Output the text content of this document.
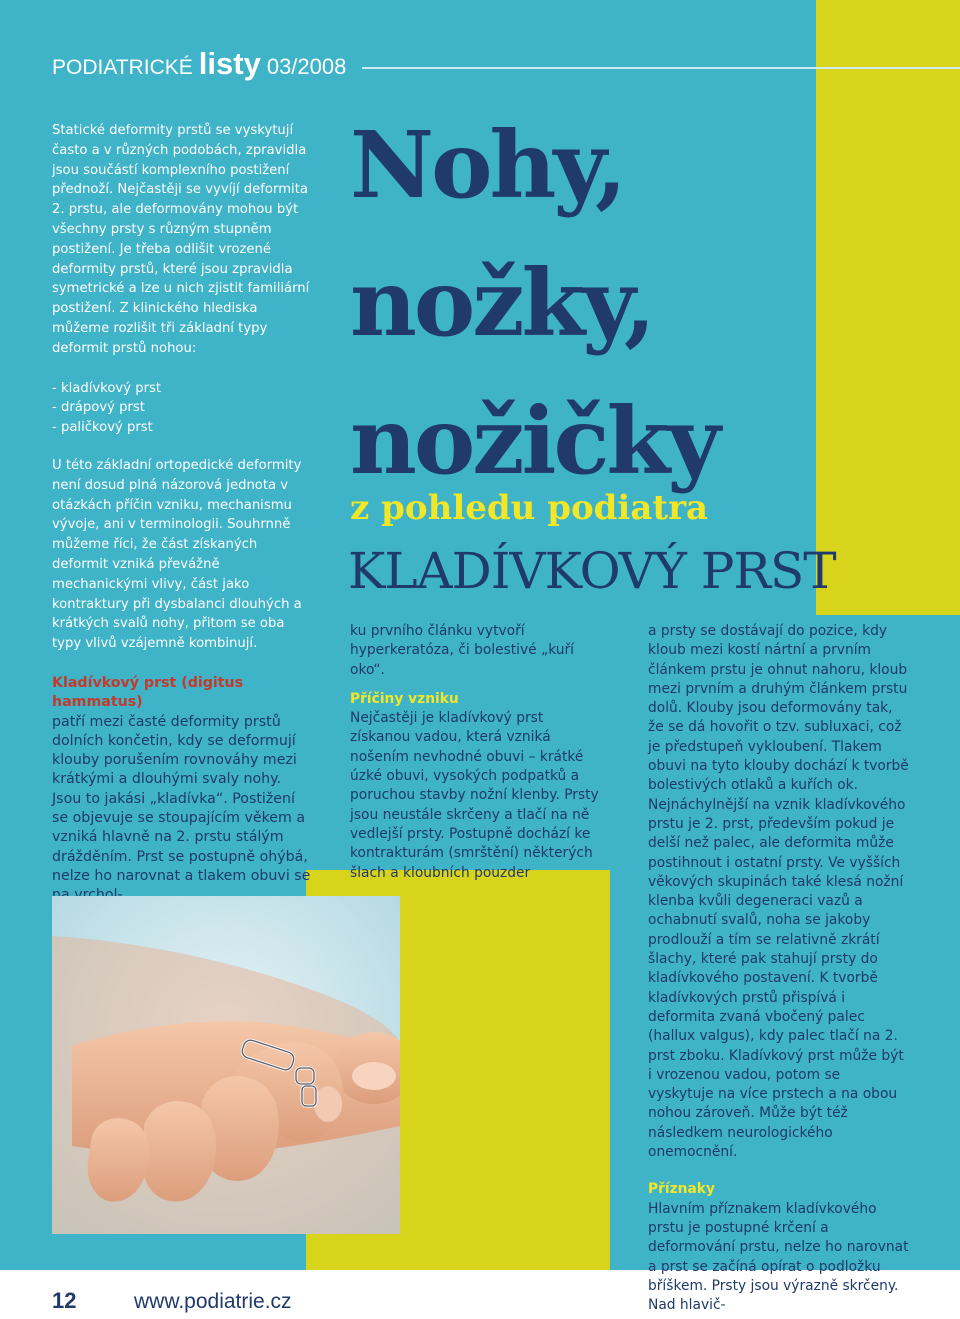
PODIATRICKÉ listy 03/2008

Statické deformity prstů se vyskytují často a v různých podobách, zpravidla jsou součástí komplexního postižení přednoží. Nejčastěji se vyvíjí deformita 2. prstu, ale deformovány mohou být všechny prsty s různým stupněm postižení. Je třeba odlišit vrozené deformity prstů, které jsou zpravidla symetrické a lze u nich zjistit familiární postižení. Z klinického hlediska můžeme rozlišit tři základní typy deformit prstů nohou:

- kladívkový prst
- drápový prst
- paličkový prst

U této základní ortopedické deformity není dosud plná názorová jednota v otázkách příčin vzniku, mechanismu vývoje, ani v terminologii. Souhrnně můžeme říci, že část získaných deformit vzniká převážně mechanickými vlivy, část jako kontraktury při dysbalanci dlouhých a krátkých svalů nohy, přitom se oba typy vlivů vzájemně kombinují.

Kladívkový prst (digitus hammatus)
patří mezi časté deformity prstů dolních končetin, kdy se deformují klouby porušením rovnováhy mezi krátkými a dlouhými svaly nohy. Jsou to jakási „kladívka“. Postižení se objevuje se stoupajícím věkem a vzniká hlavně na 2. prstu stálým drážděním. Prst se postupně ohýbá, nelze ho narovnat a tlakem obuvi se

Nohy,
nožky,
nožičky
z pohledu podiatra
KLADÍVKOVÝ PRST

ku prvního článku vytvoří hyperkeratóza, či bolestivé „kuří oko“.

Příčiny vzniku

Nejčastěji je kladívkový prst získanou vadou, která vzniká nošením nevhodné obuvi – krátké úzké obuvi, vysokých podpatků a poruchou stavby nožní klenby. Prsty jsou neustále skrčeny a tlačí na ně vedlejší prsty. Postupně dochází ke kontrakturám (smrštění) některých šlach a kloubních pouzder

a prsty se dostávají do pozice, kdy kloub mezi kostí nártní a prvním článkem prstu je ohnut nahoru, kloub mezi prvním a druhým článkem prstu dolů. Klouby jsou deformovány tak, že se dá hovořit o tzv. subluxaci, což je předstupeň vykloubení. Tlakem obuvi na tyto klouby dochází k tvorbě bolestivých otlaků a kuřích ok. Nejnáchylnější na vznik kladívkového prstu je 2. prst, především pokud je delší než palec, ale deformita může postihnout i ostatní prsty. Ve vyšších věkových skupinách také klesá nožní klenba kvůli degeneraci vazů a ochabnutí svalů, noha se jakoby prodlouží a tím se relativně zkrátí šlachy, které pak stahují prsty do kladívkového postavení. K tvorbě kladívkových prstů přispívá i deformita zvaná vbočený palec (hallux valgus), kdy palec tlačí na 2. prst zboku. Kladívkový prst může být i vrozenou vadou, potom se vyskytuje na více prstech a na obou nohou zároveň. Může být též následkem neurologického onemocnění.

Příznaky

Hlavním příznakem kladívkového prstu je postupné krčení a deformování prstu, nelze ho narovnat a prst se začíná opírat o podložku bříškem. Prsty jsou výrazně skrčeny. Nad hlavič-

12	www.podiatrie.cz
